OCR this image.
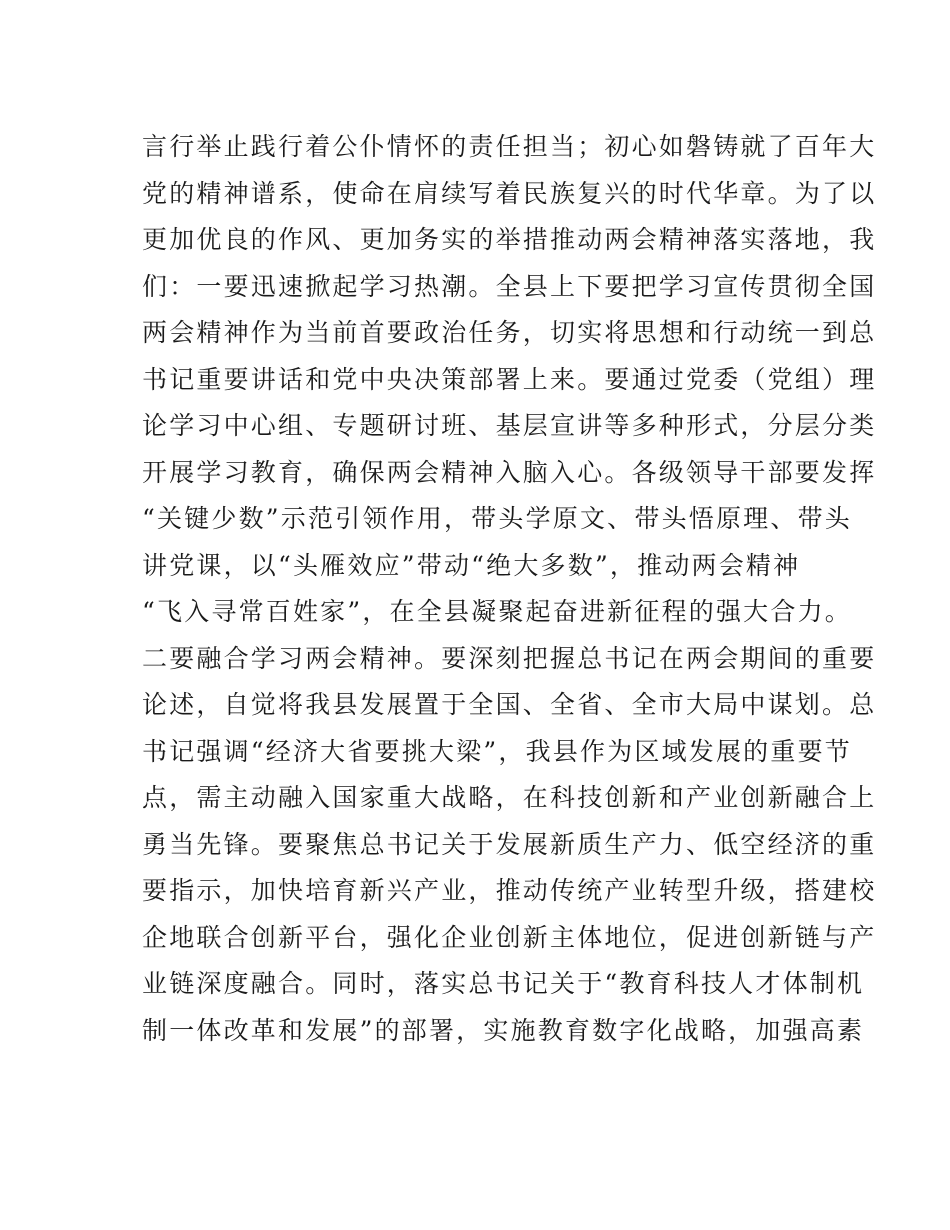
言行举止践行着公仆情怀的责任担当；初心如磐铸就了百年大
党的精神谱系，使命在肩续写着民族复兴的时代华章。为了以
更加优良的作风、更加务实的举措推动两会精神落实落地，我
们：一要迅速掀起学习热潮。全县上下要把学习宣传贯彻全国
两会精神作为当前首要政治任务，切实将思想和行动统一到总
书记重要讲话和党中央决策部署上来。要通过党委（党组）理
论学习中心组、专题研讨班、基层宣讲等多种形式，分层分类
开展学习教育，确保两会精神入脑入心。各级领导干部要发挥
“关键少数”示范引领作用，带头学原文、带头悟原理、带头
讲党课，以“头雁效应”带动“绝大多数”，推动两会精神
“飞入寻常百姓家”，在全县凝聚起奋进新征程的强大合力。
二要融合学习两会精神。要深刻把握总书记在两会期间的重要
论述，自觉将我县发展置于全国、全省、全市大局中谋划。总
书记强调“经济大省要挑大梁”，我县作为区域发展的重要节
点，需主动融入国家重大战略，在科技创新和产业创新融合上
勇当先锋。要聚焦总书记关于发展新质生产力、低空经济的重
要指示，加快培育新兴产业，推动传统产业转型升级，搭建校
企地联合创新平台，强化企业创新主体地位，促进创新链与产
业链深度融合。同时，落实总书记关于“教育科技人才体制机
制一体改革和发展”的部署，实施教育数字化战略，加强高素
